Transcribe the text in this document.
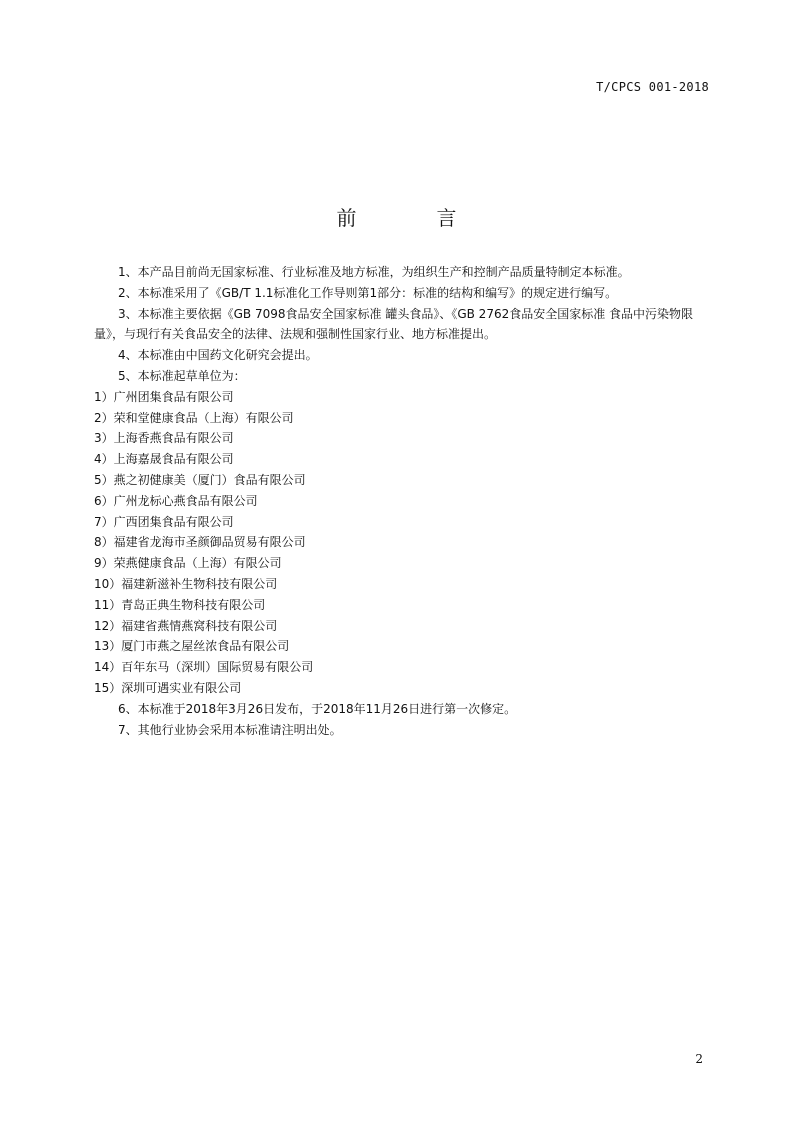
T/CPCS 001-2018
前　言

1、本产品目前尚无国家标准、行业标准及地方标准，为组织生产和控制产品质量特制定本标准。

2、本标准采用了《GB/T 1.1标准化工作导则第1部分：标准的结构和编写》的规定进行编写。

3、本标准主要依据《GB 7098食品安全国家标准 罐头食品》、《GB 2762食品安全国家标准 食品中污染物限量》，与现行有关食品安全的法律、法规和强制性国家行业、地方标准提出。

4、本标准由中国药文化研究会提出。

5、本标准起草单位为：

1）广州团集食品有限公司
2）荣和堂健康食品（上海）有限公司
3）上海香燕食品有限公司
4）上海嘉晟食品有限公司
5）燕之初健康美（厦门）食品有限公司
6）广州龙标心燕食品有限公司
7）广西团集食品有限公司
8）福建省龙海市圣颜御品贸易有限公司
9）荣燕健康食品（上海）有限公司
10）福建新滋补生物科技有限公司
11）青岛正典生物科技有限公司
12）福建省燕情燕窝科技有限公司
13）厦门市燕之屋丝浓食品有限公司
14）百年东马（深圳）国际贸易有限公司
15）深圳可遇实业有限公司

6、本标准于2018年3月26日发布，于2018年11月26日进行第一次修定。

7、其他行业协会采用本标准请注明出处。

2
